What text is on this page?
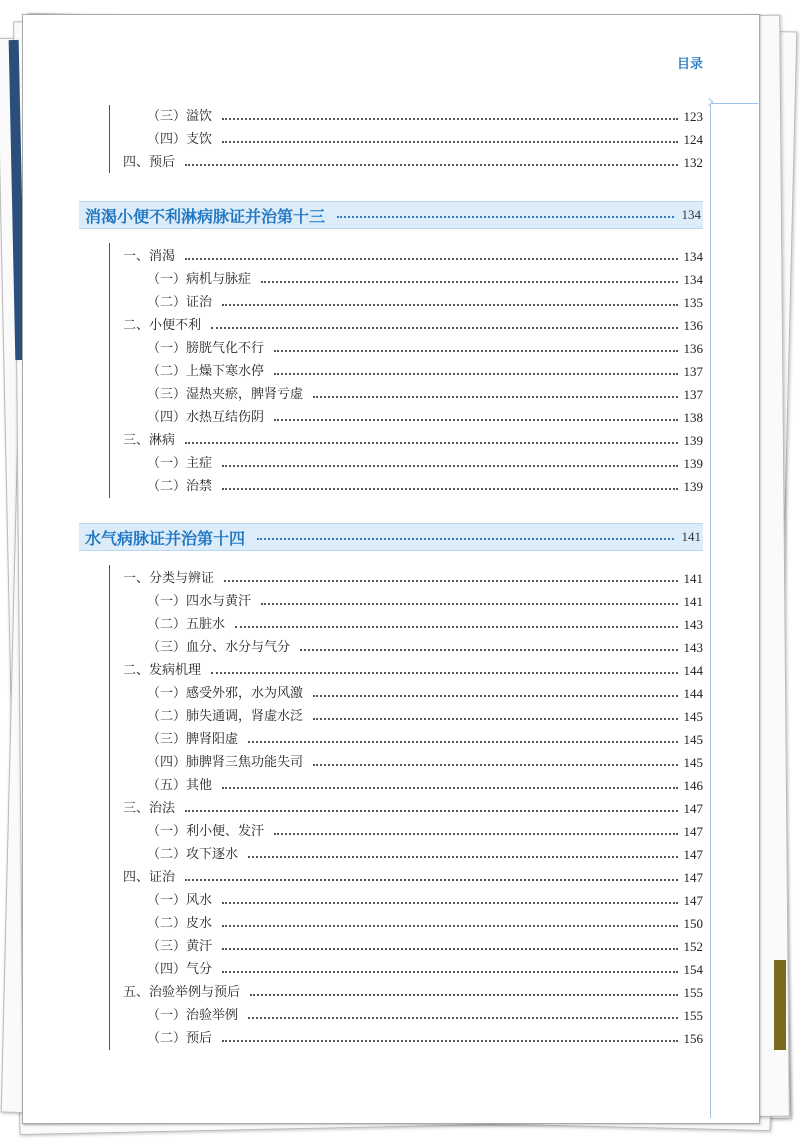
目录
（三）溢饮	123
（四）支饮	124
四、预后	132
消渴小便不利淋病脉证并治第十三	134
一、消渴	134
（一）病机与脉症	134
（二）证治	135
二、小便不利	136
（一）膀胱气化不行	136
（二）上燥下寒水停	137
（三）湿热夹瘀，脾肾亏虚	137
（四）水热互结伤阴	138
三、淋病	139
（一）主症	139
（二）治禁	139
水气病脉证并治第十四	141
一、分类与辨证	141
（一）四水与黄汗	141
（二）五脏水	143
（三）血分、水分与气分	143
二、发病机理	144
（一）感受外邪，水为风激	144
（二）肺失通调，肾虚水泛	145
（三）脾肾阳虚	145
（四）肺脾肾三焦功能失司	145
（五）其他	146
三、治法	147
（一）利小便、发汗	147
（二）攻下逐水	147
四、证治	147
（一）风水	147
（二）皮水	150
（三）黄汗	152
（四）气分	154
五、治验举例与预后	155
（一）治验举例	155
（二）预后	156
